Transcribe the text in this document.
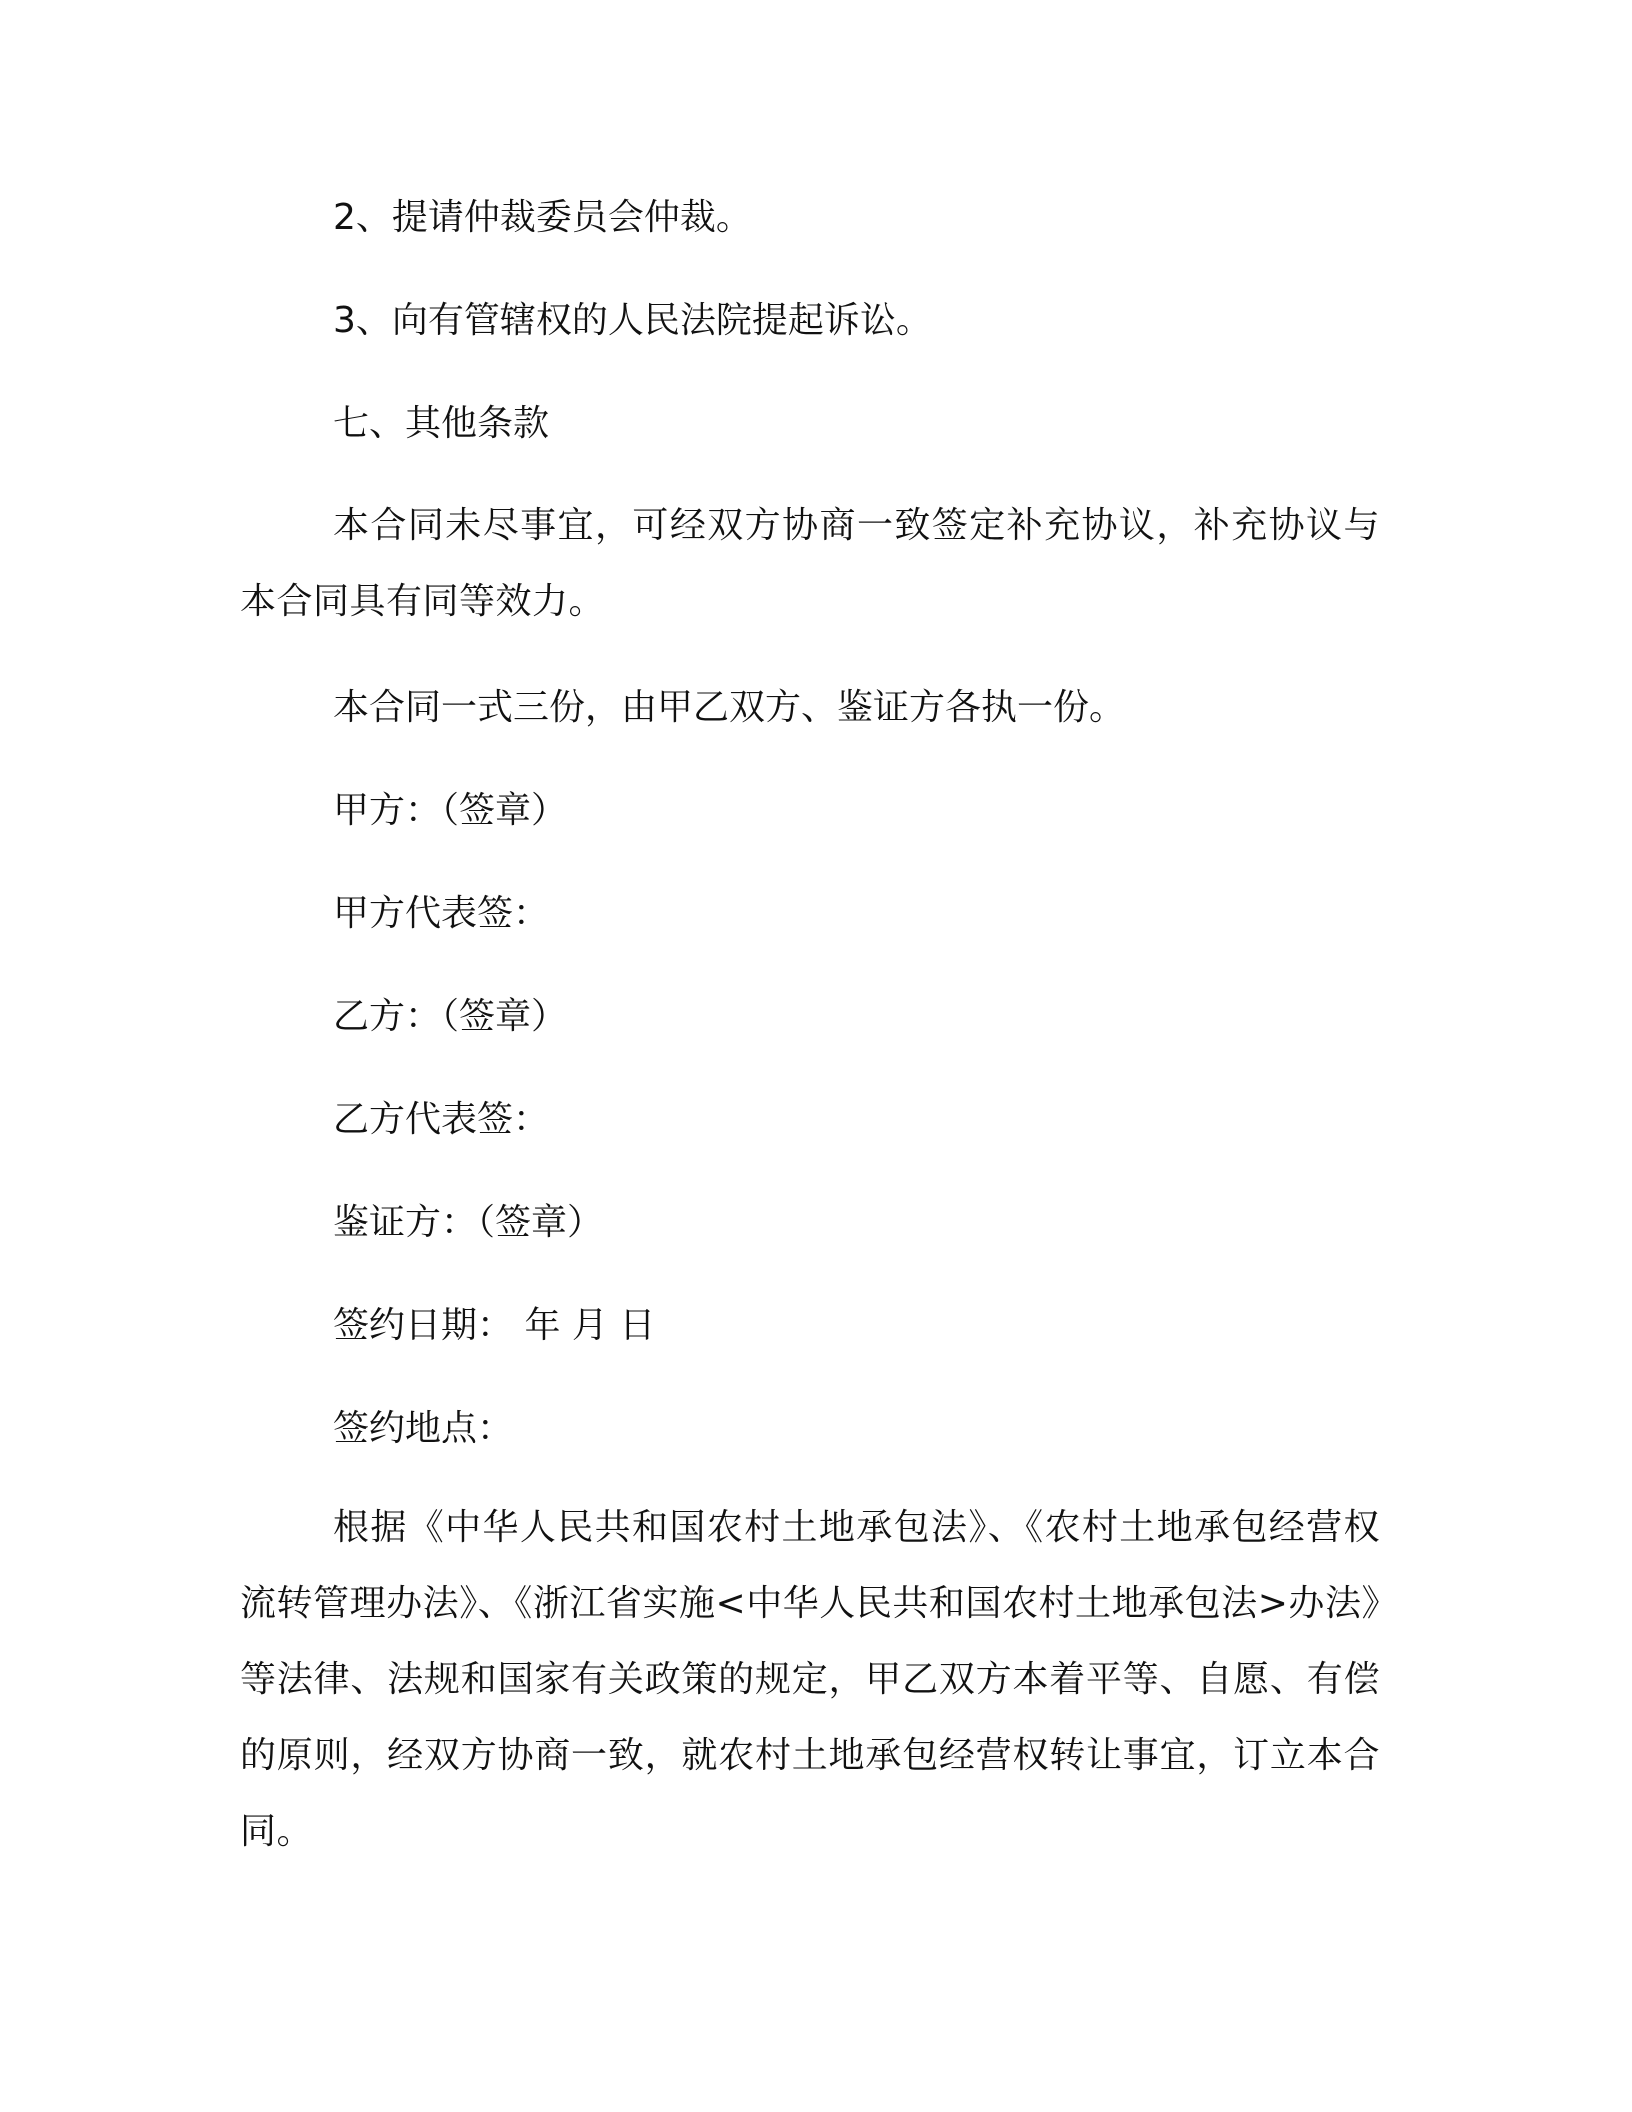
2、提请仲裁委员会仲裁。
3、向有管辖权的人民法院提起诉讼。
七、其他条款
本合同未尽事宜，可经双方协商一致签定补充协议，补充协议与本合同具有同等效力。
本合同一式三份，由甲乙双方、鉴证方各执一份。
甲方：（签章）
甲方代表签：
乙方：（签章）
乙方代表签：
鉴证方：（签章）
签约日期： 年 月 日
签约地点：
根据《中华人民共和国农村土地承包法》、《农村土地承包经营权流转管理办法》、《浙江省实施<中华人民共和国农村土地承包法>办法》等法律、法规和国家有关政策的规定，甲乙双方本着平等、自愿、有偿的原则，经双方协商一致，就农村土地承包经营权转让事宜，订立本合同。
